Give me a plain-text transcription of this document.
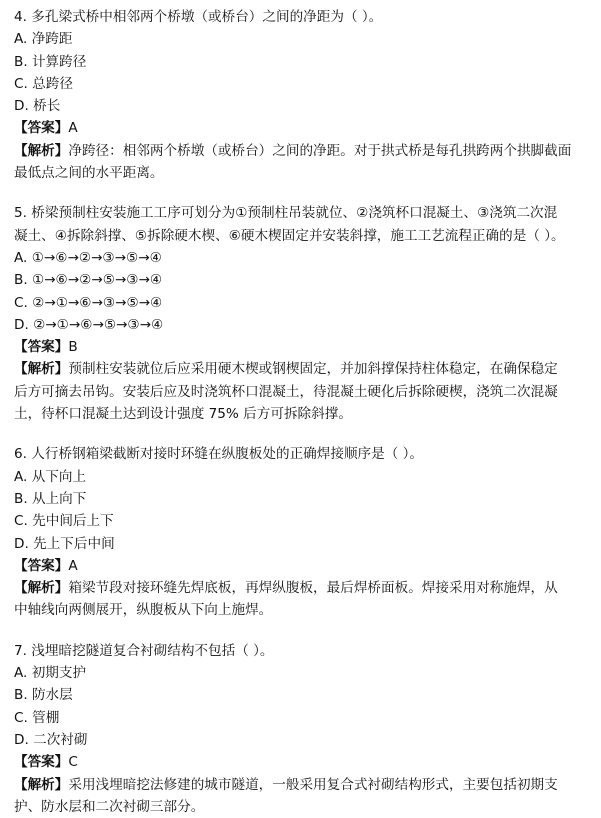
4. 多孔梁式桥中相邻两个桥墩（或桥台）之间的净距为（ ）。
A. 净跨距
B. 计算跨径
C. 总跨径
D. 桥长
【答案】A
【解析】净跨径：相邻两个桥墩（或桥台）之间的净距。对于拱式桥是每孔拱跨两个拱脚截面
最低点之间的水平距离。
5. 桥梁预制柱安装施工工序可划分为①预制柱吊装就位、②浇筑杯口混凝土、③浇筑二次混
凝土、④拆除斜撑、⑤拆除硬木楔、⑥硬木楔固定并安装斜撑，施工工艺流程正确的是（ ）。
A. ①→⑥→②→③→⑤→④
B. ①→⑥→②→⑤→③→④
C. ②→①→⑥→③→⑤→④
D. ②→①→⑥→⑤→③→④
【答案】B
【解析】预制柱安装就位后应采用硬木楔或钢楔固定，并加斜撑保持柱体稳定，在确保稳定
后方可摘去吊钩。安装后应及时浇筑杯口混凝土，待混凝土硬化后拆除硬楔，浇筑二次混凝
土，待杯口混凝土达到设计强度 75% 后方可拆除斜撑。
6. 人行桥钢箱梁截断对接时环缝在纵腹板处的正确焊接顺序是（ ）。
A. 从下向上
B. 从上向下
C. 先中间后上下
D. 先上下后中间
【答案】A
【解析】箱梁节段对接环缝先焊底板，再焊纵腹板，最后焊桥面板。焊接采用对称施焊，从
中轴线向两侧展开，纵腹板从下向上施焊。
7. 浅埋暗挖隧道复合衬砌结构不包括（ ）。
A. 初期支护
B. 防水层
C. 管棚
D. 二次衬砌
【答案】C
【解析】采用浅埋暗挖法修建的城市隧道，一般采用复合式衬砌结构形式，主要包括初期支
护、防水层和二次衬砌三部分。
